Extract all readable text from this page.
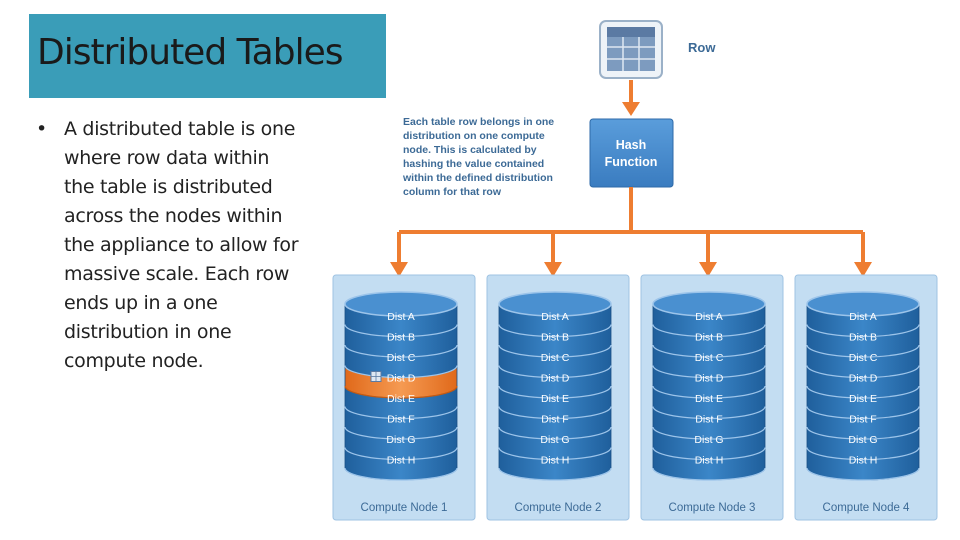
Distributed Tables
• A distributed table is one where row data within the table is distributed across the nodes within the appliance to allow for massive scale. Each row ends up in a one distribution in one compute node.
Row
Hash
Function
Each table row belongs in one
distribution on one compute
node. This is calculated by
hashing the value contained
within the defined distribution
column for that row
Dist A
Dist B
Dist C
Dist D
Dist E
Dist F
Dist G
Dist H
Compute Node 1
Dist A
Dist B
Dist C
Dist D
Dist E
Dist F
Dist G
Dist H
Compute Node 2
Dist A
Dist B
Dist C
Dist D
Dist E
Dist F
Dist G
Dist H
Compute Node 3
Dist A
Dist B
Dist C
Dist D
Dist E
Dist F
Dist G
Dist H
Compute Node 4
